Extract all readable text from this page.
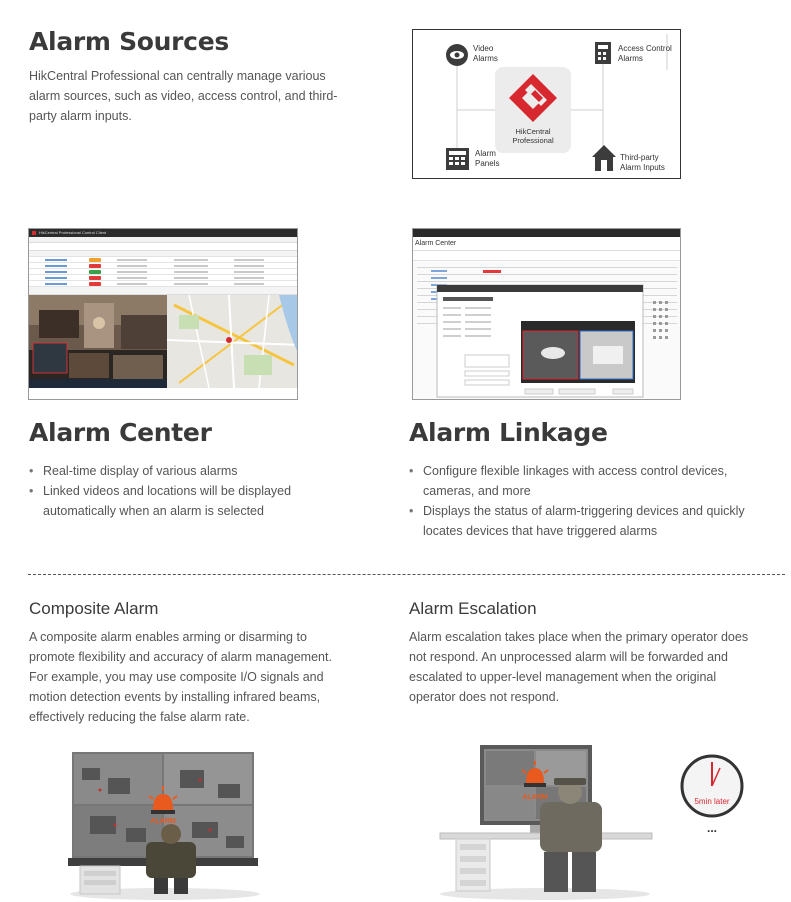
Alarm Sources
HikCentral Professional can centrally manage various alarm sources, such as video, access control, and third-party alarm inputs.
Video
Alarms
Access Control
Alarms
Alarm
Panels
Third-party
Alarm Inputs
HikCentral
Professional
HikCentral Professional Control Client
Alarm Center
Alarm Center
• Real-time display of various alarms
• Linked videos and locations will be displayed automatically when an alarm is selected
Alarm Linkage
• Configure flexible linkages with access control devices, cameras, and more
• Displays the status of alarm-triggering devices and quickly locates devices that have triggered alarms
Composite Alarm
A composite alarm enables arming or disarming to promote flexibility and accuracy of alarm management. For example, you may use composite I/O signals and motion detection events by installing infrared beams, effectively reducing the false alarm rate.
ALARM
Alarm Escalation
Alarm escalation takes place when the primary operator does not respond. An unprocessed alarm will be forwarded and escalated to upper-level management when the original operator does not respond.
ALARM	5min later
...
